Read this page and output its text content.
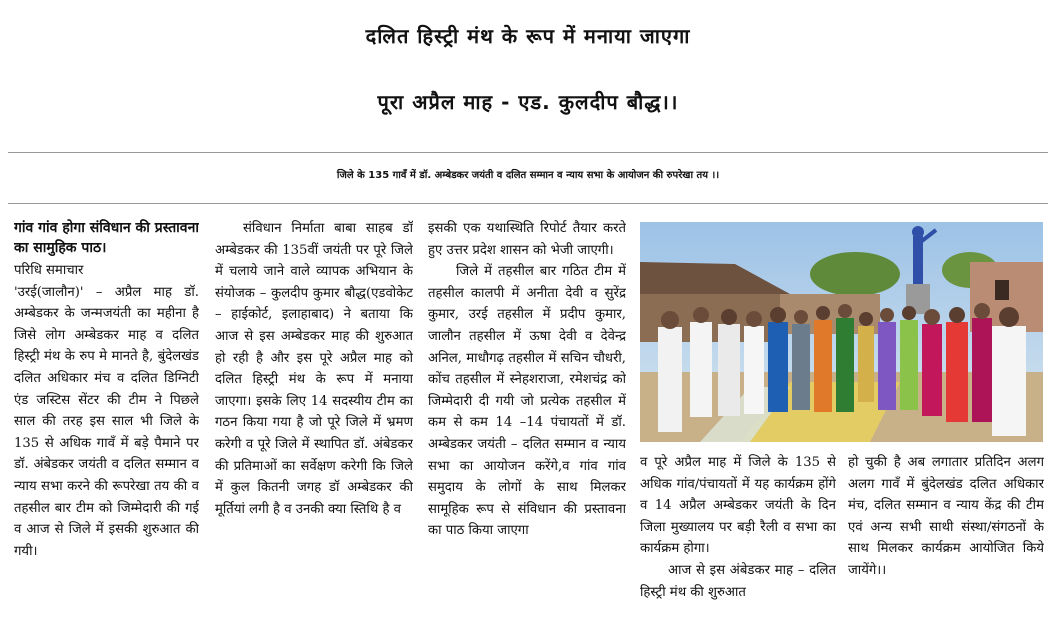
दलित हिस्ट्री मंथ के रूप में मनाया जाएगा
पूरा अप्रैल माह - एड. कुलदीप बौद्ध।।
जिले के 135 गावँ में डॉ. अम्बेडकर जयंती व दलित सम्मान व न्याय सभा के आयोजन की रुपरेखा तय ।।
गांव गांव होगा संविधान की प्रस्तावना का सामुहिक पाठ।

परिधि समाचार

'उरई(जालौन)' – अप्रैल माह डॉ. अम्बेडकर के जन्मजयंती का महीना है जिसे लोग अम्बेडकर माह व दलित हिस्ट्री मंथ के रुप मे मानते है, बुंदेलखंड दलित अधिकार मंच व दलित डिग्निटी एंड जस्टिस सेंटर की टीम ने पिछले साल की तरह इस साल भी जिले के 135 से अधिक गावँ में बड़े पैमाने पर डॉ. अंबेडकर जयंती व दलित सम्मान व न्याय सभा करने की रूपरेखा तय की व तहसील बार टीम को जिम्मेदारी की गई व आज से जिले में इसकी शुरुआत की गयी।

संविधान निर्माता बाबा साहब डॉ अम्बेडकर की 135वीं जयंती पर पूरे जिले में चलाये जाने वाले व्यापक अभियान के संयोजक – कुलदीप कुमार बौद्ध(एडवोकेट – हाईकोर्ट, इलाहाबाद) ने बताया कि आज से इस अम्बेडकर माह की शुरुआत हो रही है और इस पूरे अप्रैल माह को दलित हिस्ट्री मंथ के रूप में मनाया जाएगा। इसके लिए 14 सदस्यीय टीम का गठन किया गया है जो पूरे जिले में भ्रमण करेगी व पूरे जिले में स्थापित डॉ. अंबेडकर की प्रतिमाओं का सर्वेक्षण करेगी कि जिले में कुल कितनी जगह डॉ अम्बेडकर की मूर्तियां लगी है व उनकी क्या स्तिथि है व

इसकी एक यथास्थिति रिपोर्ट तैयार करते हुए उत्तर प्रदेश शासन को भेजी जाएगी।

जिले में तहसील बार गठित टीम में तहसील कालपी में अनीता देवी व सुरेंद्र कुमार, उरई तहसील में प्रदीप कुमार, जालौन तहसील में ऊषा देवी व देवेन्द्र अनिल, माधौगढ़ तहसील में सचिन चौधरी, कोंच तहसील में स्नेहशराजा, रमेशचंद्र को जिम्मेदारी दी गयी जो प्रत्येक तहसील में कम से कम 14 –14 पंचायतों में डॉ. अम्बेडकर जयंती – दलित सम्मान व न्याय सभा का आयोजन करेंगे,व गांव गांव समुदाय के लोगों के साथ मिलकर सामूहिक रूप से संविधान की प्रस्तावना का पाठ किया जाएगा

व पूरे अप्रैल माह में जिले के 135 से अधिक गांव/पंचायतों में यह कार्यक्रम होंगे व 14 अप्रैल अम्बेडकर जयंती के दिन जिला मुख्यालय पर बड़ी रैली व सभा का कार्यक्रम होगा।

आज से इस अंबेडकर माह – दलित हिस्ट्री मंथ की शुरुआत

हो चुकी है अब लगातार प्रतिदिन अलग अलग गावँ में बुंदेलखंड दलित अधिकार मंच, दलित सम्मान व न्याय केंद्र की टीम एवं अन्य सभी साथी संस्था/संगठनों के साथ मिलकर कार्यक्रम आयोजित किये जायेंगे।।
